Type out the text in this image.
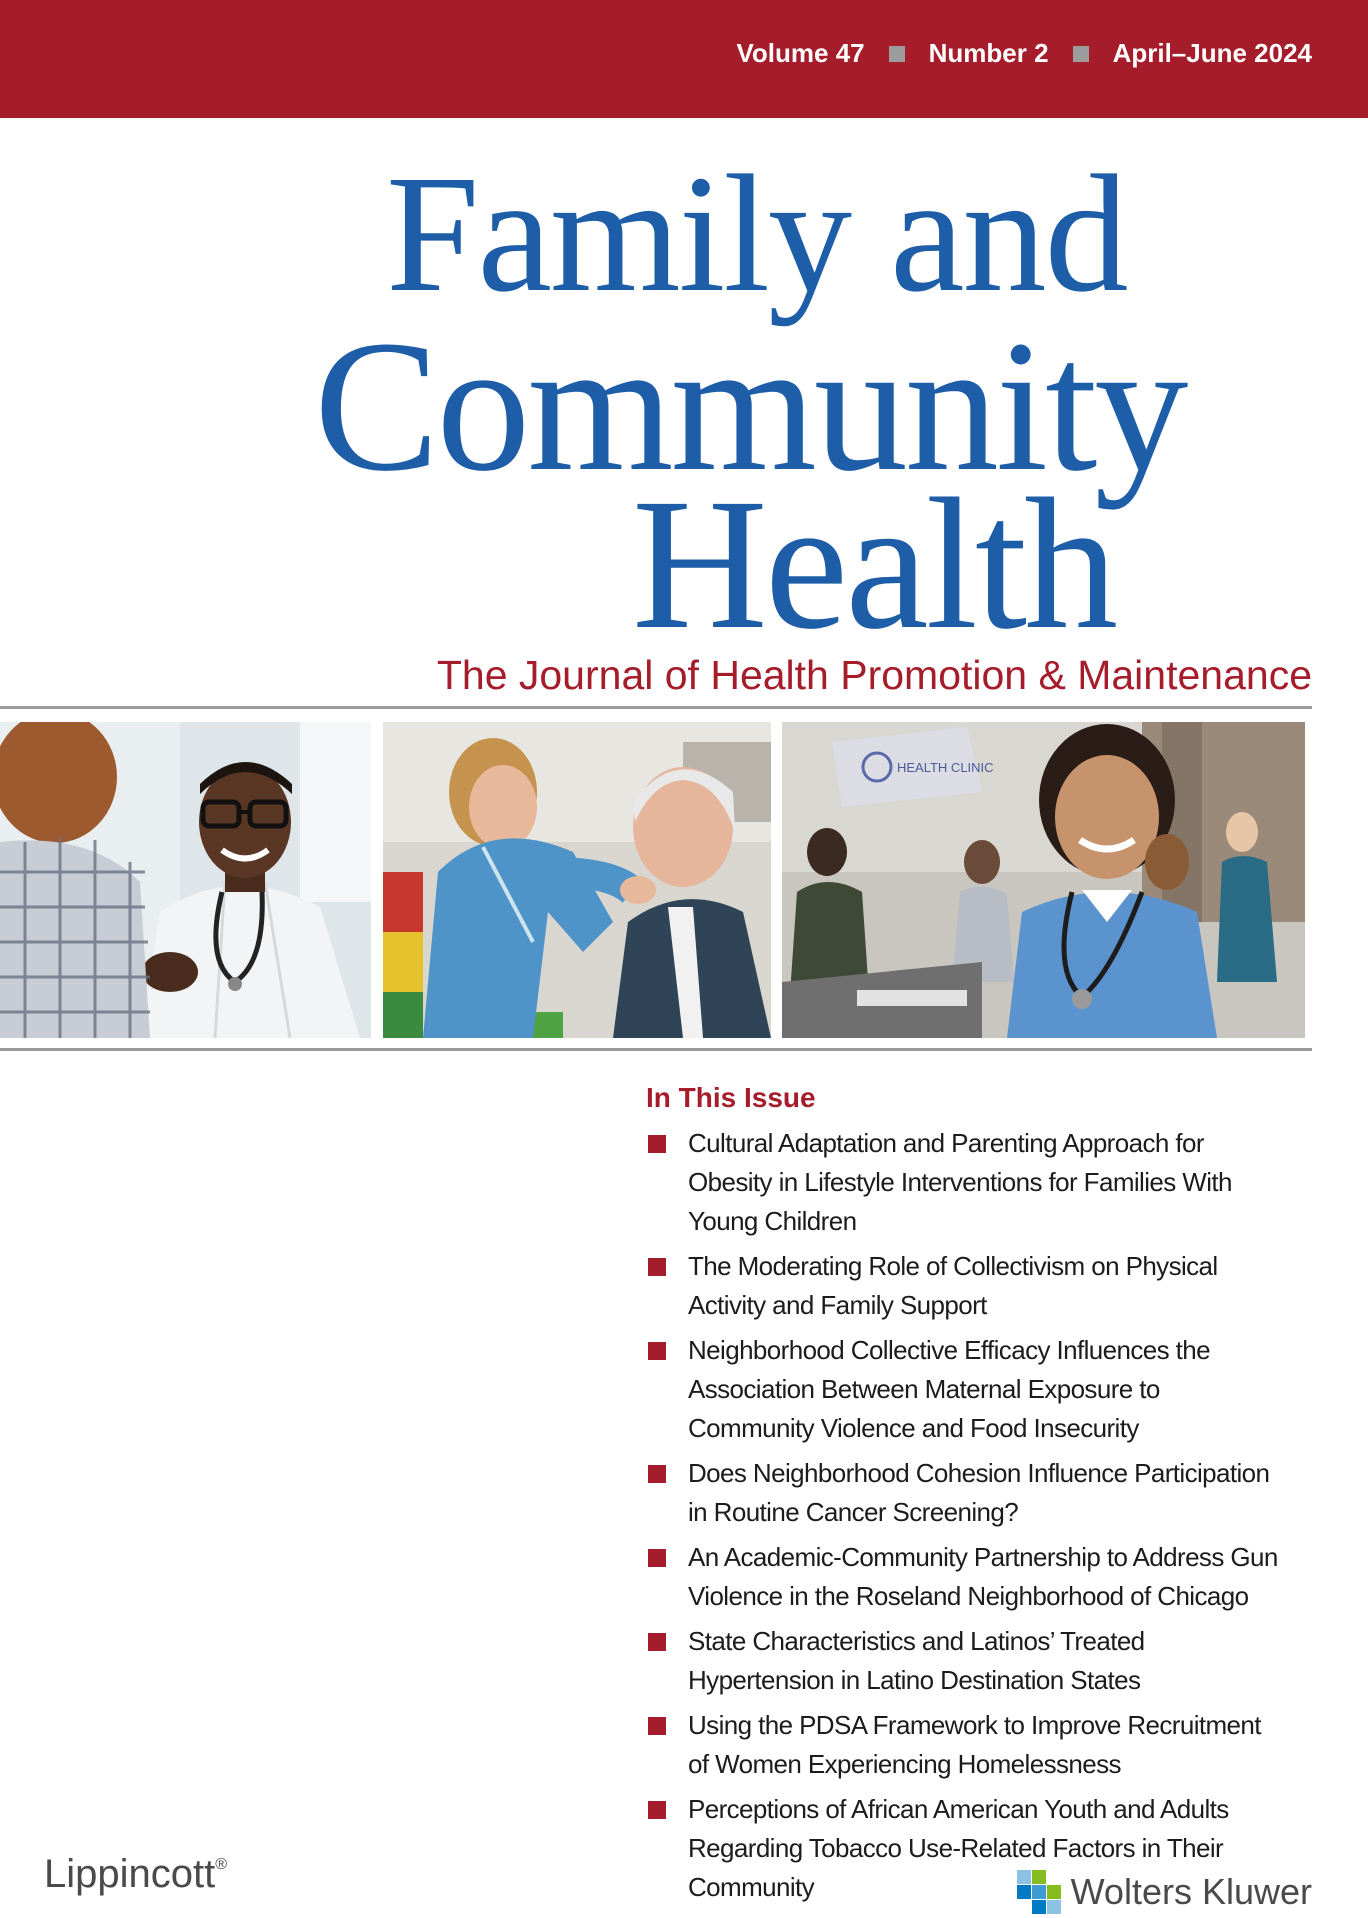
Volume 47 Number 2 April–June 2024
Family and
Community
Health
The Journal of Health Promotion & Maintenance
HEALTH CLINIC
In This Issue
Cultural Adaptation and Parenting Approach for Obesity in Lifestyle Interventions for Families With Young Children
The Moderating Role of Collectivism on Physical Activity and Family Support
Neighborhood Collective Efficacy Influences the Association Between Maternal Exposure to Community Violence and Food Insecurity
Does Neighborhood Cohesion Influence Participation in Routine Cancer Screening?
An Academic-Community Partnership to Address Gun Violence in the Roseland Neighborhood of Chicago
State Characteristics and Latinos’ Treated Hypertension in Latino Destination States
Using the PDSA Framework to Improve Recruitment of Women Experiencing Homelessness
Perceptions of African American Youth and Adults Regarding Tobacco Use-Related Factors in Their Community
Lippincott®
Wolters Kluwer
